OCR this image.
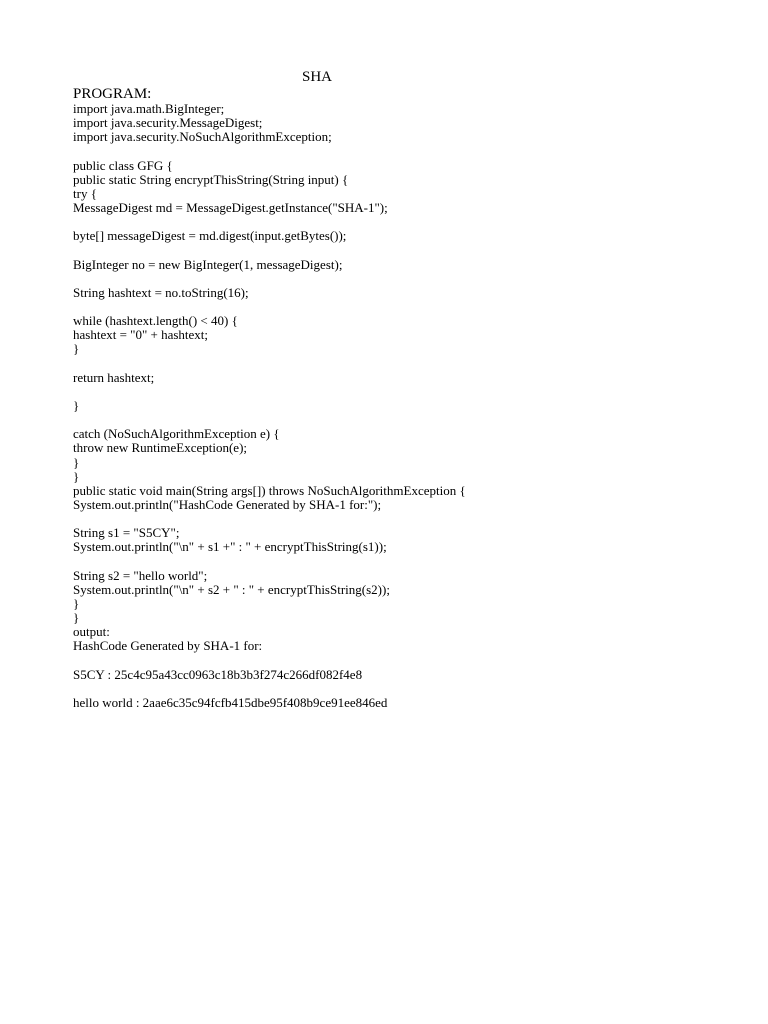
SHA
PROGRAM:
import java.math.BigInteger;
import java.security.MessageDigest;
import java.security.NoSuchAlgorithmException;
public class GFG {
public static String encryptThisString(String input) {
try {
MessageDigest md = MessageDigest.getInstance("SHA-1");
byte[] messageDigest = md.digest(input.getBytes());
BigInteger no = new BigInteger(1, messageDigest);
String hashtext = no.toString(16);
while (hashtext.length() < 40) {
hashtext = "0" + hashtext;
}
return hashtext;
}
catch (NoSuchAlgorithmException e) {
throw new RuntimeException(e);
}
}
public static void main(String args[]) throws NoSuchAlgorithmException {
System.out.println("HashCode Generated by SHA-1 for:");
String s1 = "S5CY";
System.out.println("\n" + s1 +" : " + encryptThisString(s1));
String s2 = "hello world";
System.out.println("\n" + s2 + " : " + encryptThisString(s2));
}
}
output:
HashCode Generated by SHA-1 for:
S5CY : 25c4c95a43cc0963c18b3b3f274c266df082f4e8
hello world : 2aae6c35c94fcfb415dbe95f408b9ce91ee846ed
